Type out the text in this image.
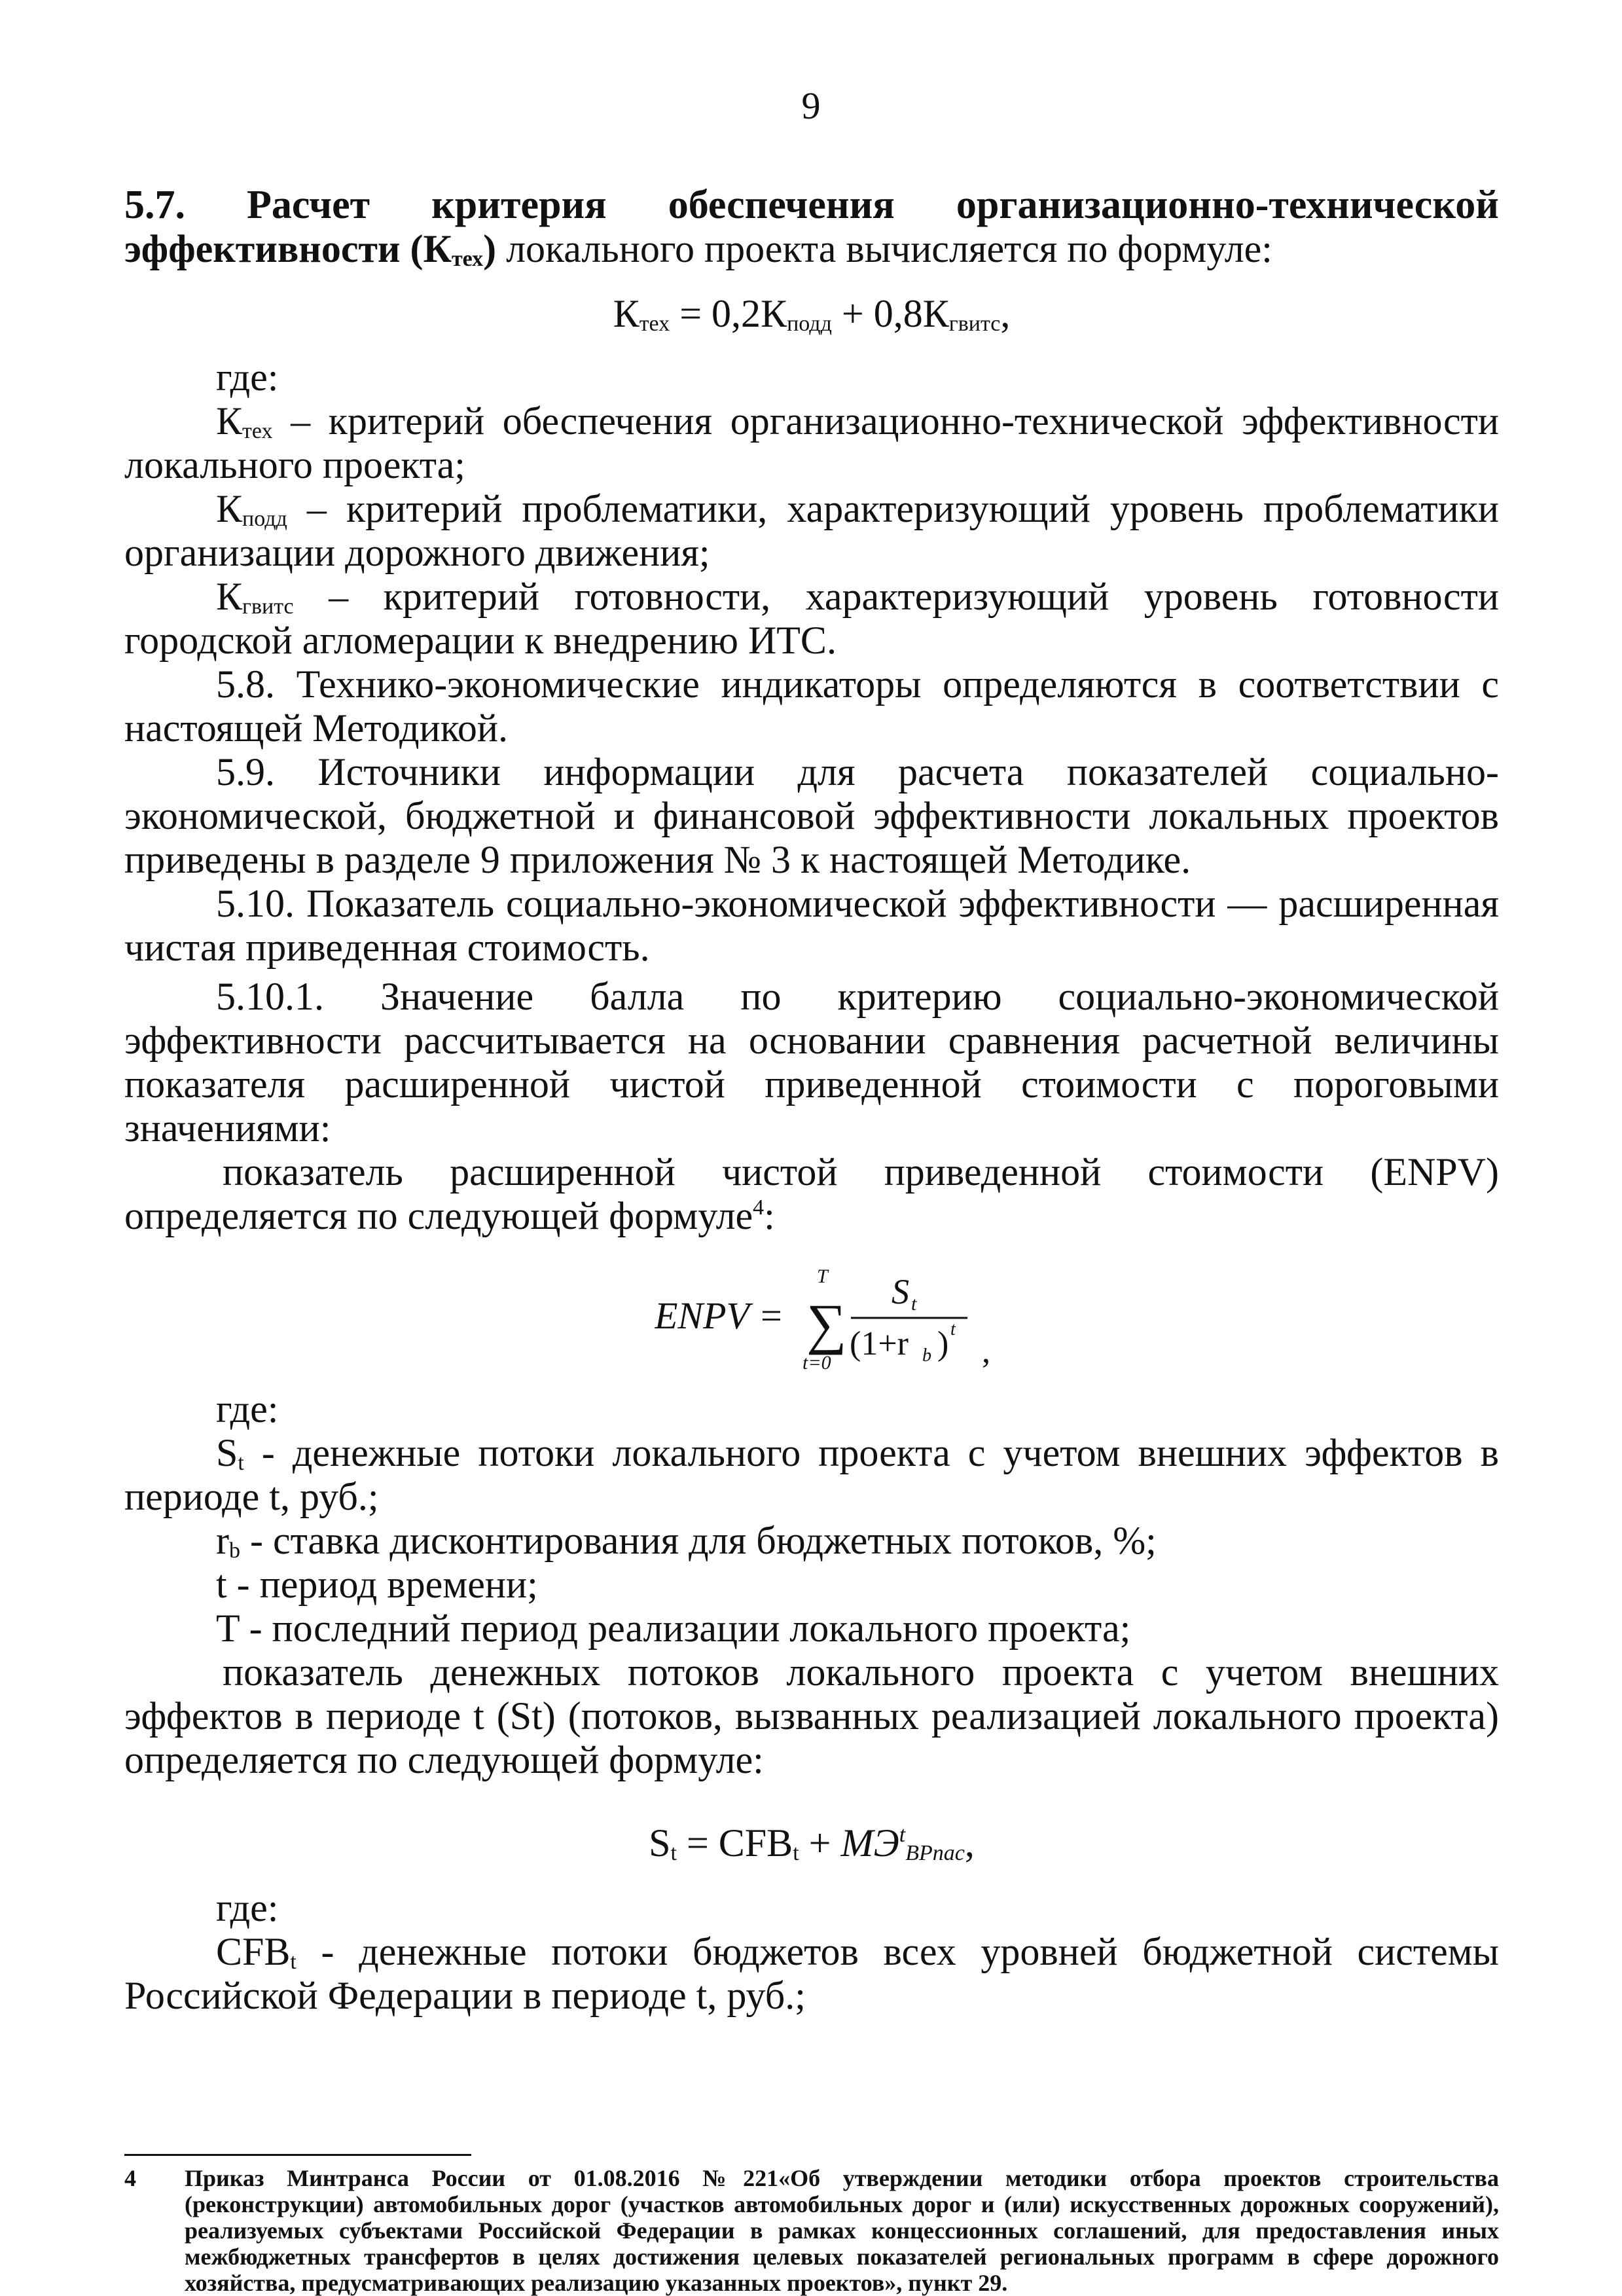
9
5.7. Расчет критерия обеспечения организационно-технической

эффективности $(К_{тех})$ локального проекта вычисляется по формуле:

$К_{тех} = 0,2К_{подд} + 0,8К_{гвитс}$,

где:

$К_{тех}$ – критерий обеспечения организационно-технической эффективности локального проекта;

$К_{подд}$ – критерий проблематики, характеризующий уровень проблематики организации дорожного движения;

$К_{гвитс}$ – критерий готовности, характеризующий уровень готовности городской агломерации к внедрению ИТС.

5.8. Технико-экономические индикаторы определяются в соответствии с настоящей Методикой.

5.9. Источники информации для расчета показателей социально-экономической, бюджетной и финансовой эффективности локальных проектов приведены в разделе 9 приложения № 3 к настоящей Методике.

5.10. Показатель социально-экономической эффективности — расширенная чистая приведенная стоимость.

5.10.1. Значение балла по критерию социально-экономической эффективности рассчитывается на основании сравнения расчетной величины показателя расширенной чистой приведенной стоимости с пороговыми значениями:

показатель расширенной чистой приведенной стоимости (ENPV) определяется по следующей формуле$^4$:

ENPV =
T
∑
t=0
S t
(1+r b ) t
,

где:

$S_t$ - денежные потоки локального проекта с учетом внешних эффектов в периоде t, руб.;

$r_b$ - ставка дисконтирования для бюджетных потоков, %;

t - период времени;

T - последний период реализации локального проекта;

показатель денежных потоков локального проекта с учетом внешних эффектов в периоде t (St) (потоков, вызванных реализацией локального проекта) определяется по следующей формуле:

$S_t = CFB_t + МЭ^t_{ВРпас}$,

где:

$CFB_t$ - денежные потоки бюджетов всех уровней бюджетной системы Российской Федерации в периоде t, руб.;

4 Приказ Минтранса России от 01.08.2016 №221«Об утверждении методики отбора проектов строительства (реконструкции) автомобильных дорог (участков автомобильных дорог и (или) искусственных дорожных сооружений), реализуемых субъектами Российской Федерации в рамках концессионных соглашений, для предоставления иных межбюджетных трансфертов в целях достижения целевых показателей региональных программ в сфере дорожного хозяйства, предусматривающих реализацию указанных проектов», пункт 29.
